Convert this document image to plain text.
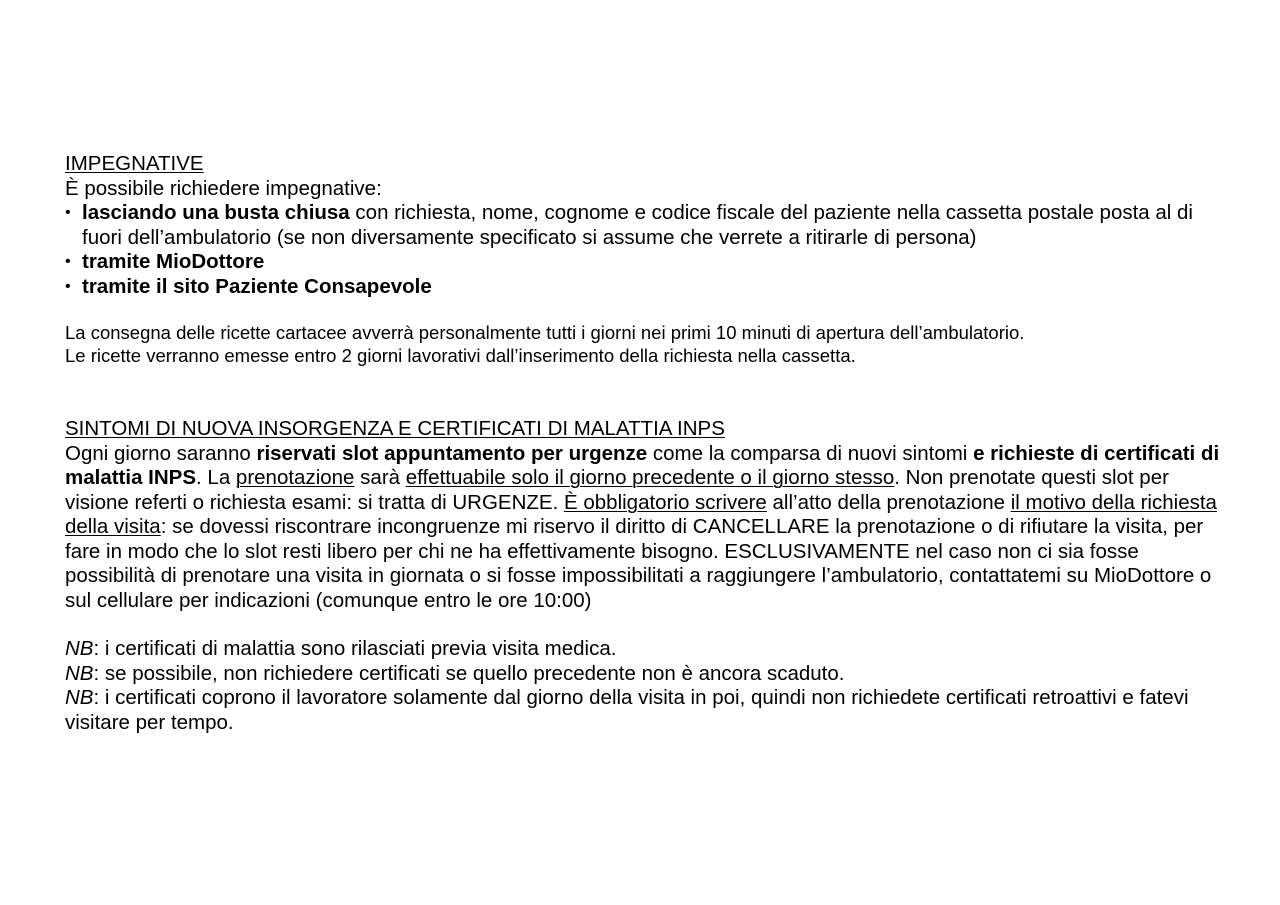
IMPEGNATIVE

È possibile richiedere impegnative:

• lasciando una busta chiusa con richiesta, nome, cognome e codice fiscale del paziente nella cassetta postale posta al di fuori dell’ambulatorio (se non diversamente specificato si assume che verrete a ritirarle di persona)
• tramite MioDottore
• tramite il sito Paziente Consapevole

La consegna delle ricette cartacee avverrà personalmente tutti i giorni nei primi 10 minuti di apertura dell’ambulatorio.

Le ricette verranno emesse entro 2 giorni lavorativi dall’inserimento della richiesta nella cassetta.

SINTOMI DI NUOVA INSORGENZA E CERTIFICATI DI MALATTIA INPS

Ogni giorno saranno riservati slot appuntamento per urgenze come la comparsa di nuovi sintomi e richieste di certificati di malattia INPS. La prenotazione sarà effettuabile solo il giorno precedente o il giorno stesso. Non prenotate questi slot per visione referti o richiesta esami: si tratta di URGENZE. È obbligatorio scrivere all’atto della prenotazione il motivo della richiesta della visita: se dovessi riscontrare incongruenze mi riservo il diritto di CANCELLARE la prenotazione o di rifiutare la visita, per fare in modo che lo slot resti libero per chi ne ha effettivamente bisogno. ESCLUSIVAMENTE nel caso non ci sia fosse possibilità di prenotare una visita in giornata o si fosse impossibilitati a raggiungere l’ambulatorio, contattatemi su MioDottore o sul cellulare per indicazioni (comunque entro le ore 10:00)

NB: i certificati di malattia sono rilasciati previa visita medica.

NB: se possibile, non richiedere certificati se quello precedente non è ancora scaduto.

NB: i certificati coprono il lavoratore solamente dal giorno della visita in poi, quindi non richiedete certificati retroattivi e fatevi visitare per tempo.
